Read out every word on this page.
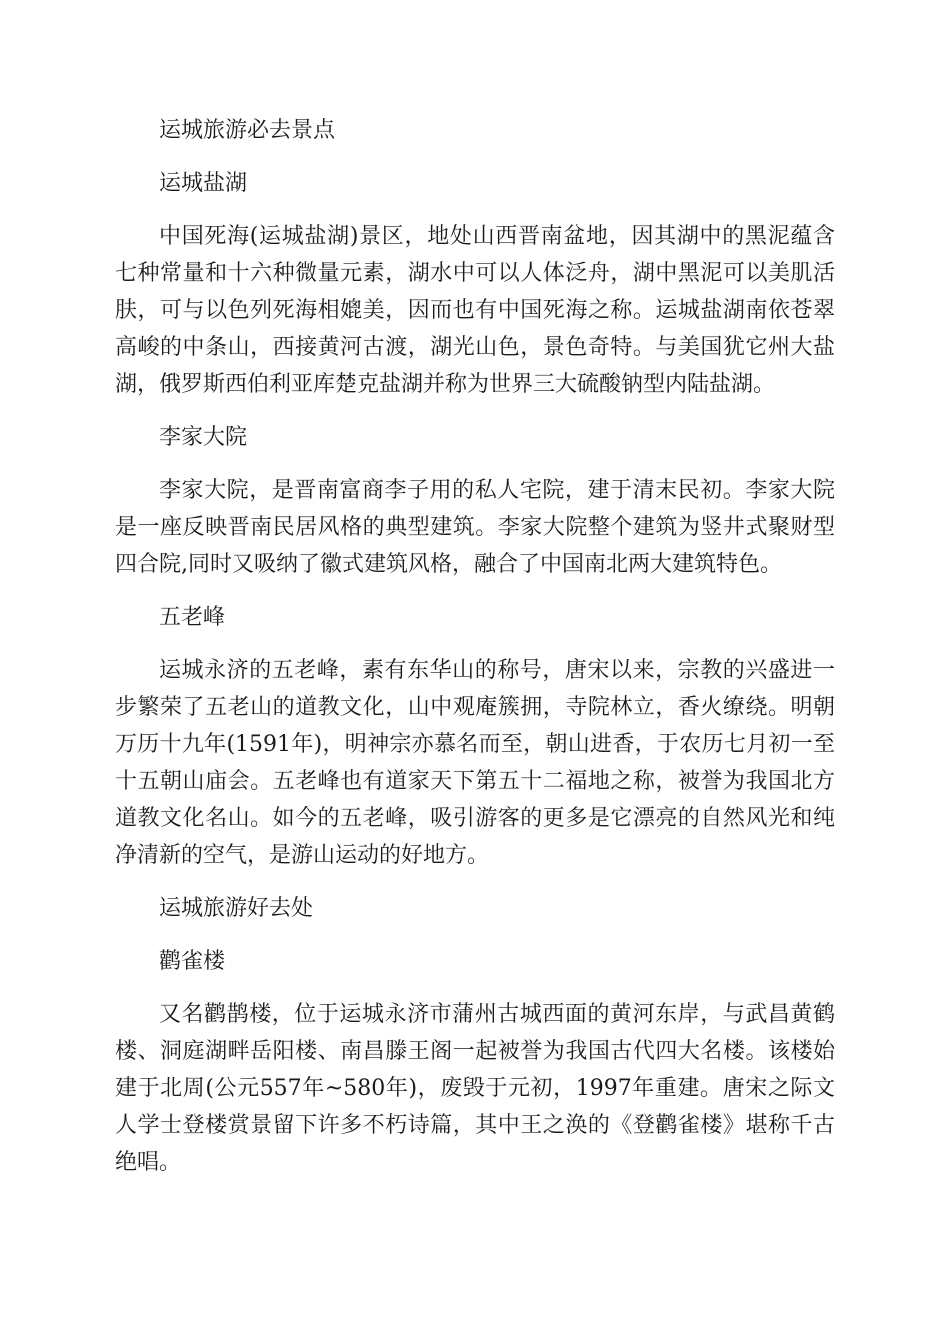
运城旅游必去景点

运城盐湖

中国死海(运城盐湖)景区，地处山西晋南盆地，因其湖中的黑泥蕴含七种常量和十六种微量元素，湖水中可以人体泛舟，湖中黑泥可以美肌活肤，可与以色列死海相媲美，因而也有中国死海之称。运城盐湖南依苍翠高峻的中条山，西接黄河古渡，湖光山色，景色奇特。与美国犹它州大盐湖，俄罗斯西伯利亚库楚克盐湖并称为世界三大硫酸钠型内陆盐湖。

李家大院

李家大院，是晋南富商李子用的私人宅院，建于清末民初。李家大院是一座反映晋南民居风格的典型建筑。李家大院整个建筑为竖井式聚财型四合院,同时又吸纳了徽式建筑风格，融合了中国南北两大建筑特色。

五老峰

运城永济的五老峰，素有东华山的称号，唐宋以来，宗教的兴盛进一步繁荣了五老山的道教文化，山中观庵簇拥，寺院林立，香火缭绕。明朝万历十九年(1591年)，明神宗亦慕名而至，朝山进香，于农历七月初一至十五朝山庙会。五老峰也有道家天下第五十二福地之称，被誉为我国北方道教文化名山。如今的五老峰，吸引游客的更多是它漂亮的自然风光和纯净清新的空气，是游山运动的好地方。

运城旅游好去处

鹳雀楼

又名鹳鹊楼，位于运城永济市蒲州古城西面的黄河东岸，与武昌黄鹤楼、洞庭湖畔岳阳楼、南昌滕王阁一起被誉为我国古代四大名楼。该楼始建于北周(公元557年~580年)，废毁于元初，1997年重建。唐宋之际文人学士登楼赏景留下许多不朽诗篇，其中王之涣的《登鹳雀楼》堪称千古绝唱。
